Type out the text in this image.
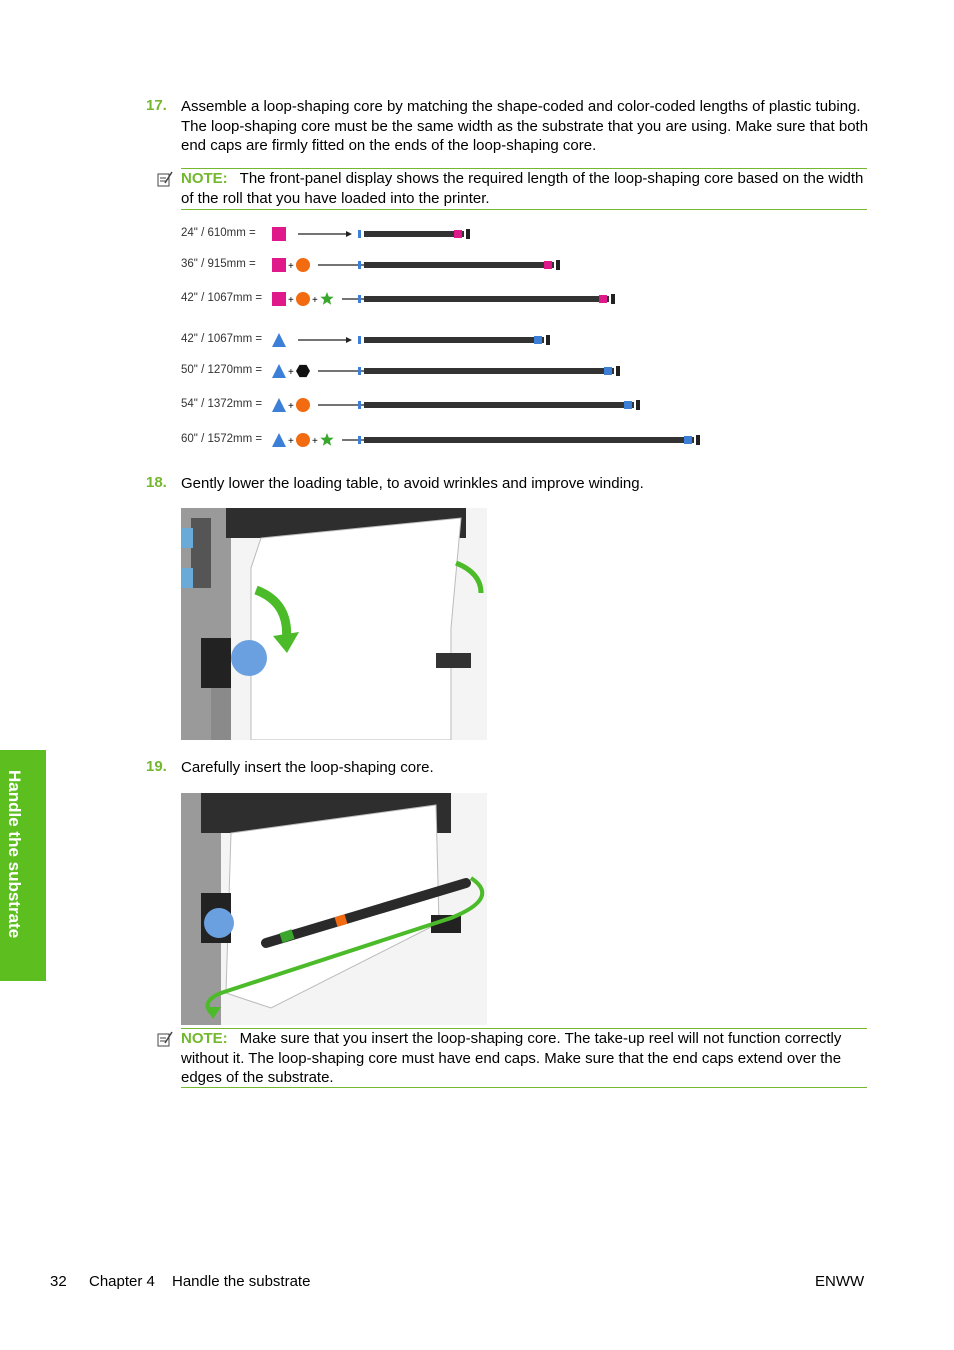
17. Assemble a loop-shaping core by matching the shape-coded and color-coded lengths of plastic tubing. The loop-shaping core must be the same width as the substrate that you are using. Make sure that both end caps are firmly fitted on the ends of the loop-shaping core.
NOTE: The front-panel display shows the required length of the loop-shaping core based on the width of the roll that you have loaded into the printer.
24" / 610mm =
36" / 915mm =	+
42" / 1067mm =	+ +
42" / 1067mm =
50" / 1270mm =	+
54" / 1372mm =	+
60" / 1572mm =	+ +
18. Gently lower the loading table, to avoid wrinkles and improve winding.
19. Carefully insert the loop-shaping core.
NOTE: Make sure that you insert the loop-shaping core. The take-up reel will not function correctly without it. The loop-shaping core must have end caps. Make sure that the end caps extend over the edges of the substrate.
Handle the substrate
32 Chapter 4 Handle the substrate	ENWW
